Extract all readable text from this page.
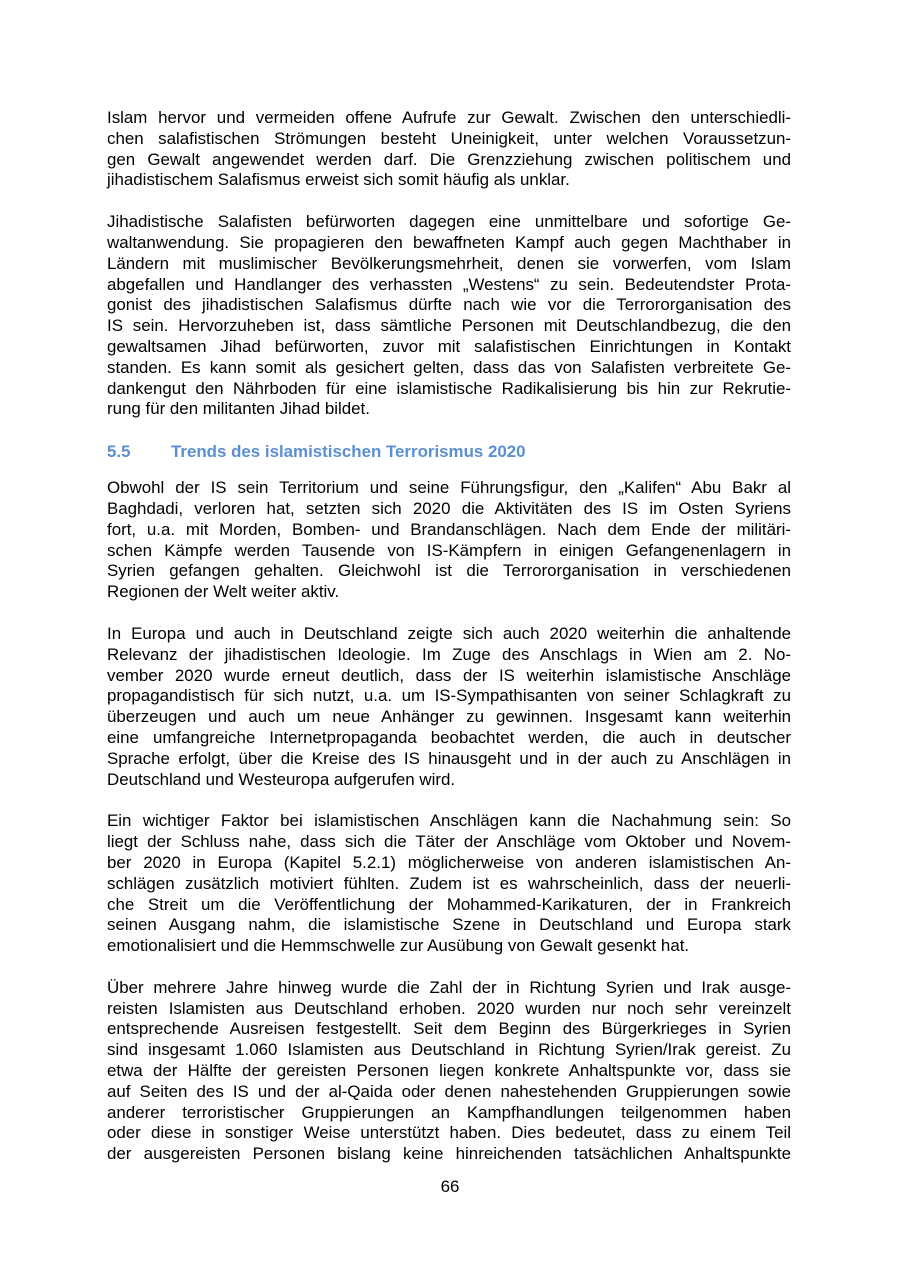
Islam hervor und vermeiden offene Aufrufe zur Gewalt. Zwischen den unterschiedli-
chen salafistischen Strömungen besteht Uneinigkeit, unter welchen Voraussetzun-
gen Gewalt angewendet werden darf. Die Grenzziehung zwischen politischem und
jihadistischem Salafismus erweist sich somit häufig als unklar.
Jihadistische Salafisten befürworten dagegen eine unmittelbare und sofortige Ge-
waltanwendung. Sie propagieren den bewaffneten Kampf auch gegen Machthaber in
Ländern mit muslimischer Bevölkerungsmehrheit, denen sie vorwerfen, vom Islam
abgefallen und Handlanger des verhassten „Westens“ zu sein. Bedeutendster Prota-
gonist des jihadistischen Salafismus dürfte nach wie vor die Terrororganisation des
IS sein. Hervorzuheben ist, dass sämtliche Personen mit Deutschlandbezug, die den
gewaltsamen Jihad befürworten, zuvor mit salafistischen Einrichtungen in Kontakt
standen. Es kann somit als gesichert gelten, dass das von Salafisten verbreitete Ge-
dankengut den Nährboden für eine islamistische Radikalisierung bis hin zur Rekrutie-
rung für den militanten Jihad bildet.
5.5	Trends des islamistischen Terrorismus 2020
Obwohl der IS sein Territorium und seine Führungsfigur, den „Kalifen“ Abu Bakr al
Baghdadi, verloren hat, setzten sich 2020 die Aktivitäten des IS im Osten Syriens
fort, u.a. mit Morden, Bomben- und Brandanschlägen. Nach dem Ende der militäri-
schen Kämpfe werden Tausende von IS-Kämpfern in einigen Gefangenenlagern in
Syrien gefangen gehalten. Gleichwohl ist die Terrororganisation in verschiedenen
Regionen der Welt weiter aktiv.
In Europa und auch in Deutschland zeigte sich auch 2020 weiterhin die anhaltende
Relevanz der jihadistischen Ideologie. Im Zuge des Anschlags in Wien am 2. No-
vember 2020 wurde erneut deutlich, dass der IS weiterhin islamistische Anschläge
propagandistisch für sich nutzt, u.a. um IS-Sympathisanten von seiner Schlagkraft zu
überzeugen und auch um neue Anhänger zu gewinnen. Insgesamt kann weiterhin
eine umfangreiche Internetpropaganda beobachtet werden, die auch in deutscher
Sprache erfolgt, über die Kreise des IS hinausgeht und in der auch zu Anschlägen in
Deutschland und Westeuropa aufgerufen wird.
Ein wichtiger Faktor bei islamistischen Anschlägen kann die Nachahmung sein: So
liegt der Schluss nahe, dass sich die Täter der Anschläge vom Oktober und Novem-
ber 2020 in Europa (Kapitel 5.2.1) möglicherweise von anderen islamistischen An-
schlägen zusätzlich motiviert fühlten. Zudem ist es wahrscheinlich, dass der neuerli-
che Streit um die Veröffentlichung der Mohammed-Karikaturen, der in Frankreich
seinen Ausgang nahm, die islamistische Szene in Deutschland und Europa stark
emotionalisiert und die Hemmschwelle zur Ausübung von Gewalt gesenkt hat.
Über mehrere Jahre hinweg wurde die Zahl der in Richtung Syrien und Irak ausge-
reisten Islamisten aus Deutschland erhoben. 2020 wurden nur noch sehr vereinzelt
entsprechende Ausreisen festgestellt. Seit dem Beginn des Bürgerkrieges in Syrien
sind insgesamt 1.060 Islamisten aus Deutschland in Richtung Syrien/Irak gereist. Zu
etwa der Hälfte der gereisten Personen liegen konkrete Anhaltspunkte vor, dass sie
auf Seiten des IS und der al-Qaida oder denen nahestehenden Gruppierungen sowie
anderer terroristischer Gruppierungen an Kampfhandlungen teilgenommen haben
oder diese in sonstiger Weise unterstützt haben. Dies bedeutet, dass zu einem Teil
der ausgereisten Personen bislang keine hinreichenden tatsächlichen Anhaltspunkte
66
